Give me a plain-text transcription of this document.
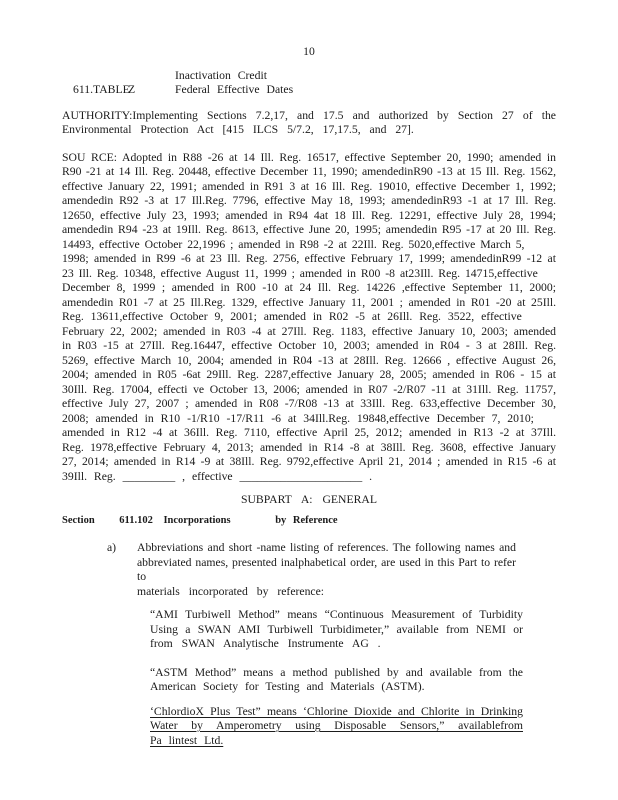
10
Inactivation Credit
611.TABLE
Z	Federal Effective Dates
AUTHORITY:Implementing Sections 7.2,17, and 17.5 and authorized by Section 27 of the
Environmental Protection Act [415 ILCS 5/7.2, 17,17.5, and 27].
SOU RCE: Adopted in R88 -26 at 14 Ill. Reg. 16517, effective September 20, 1990; amended in
R90 -21 at 14 Ill. Reg. 20448, effective December 11, 1990; amendedinR90 -13 at 15 Ill. Reg. 1562,
effective January 22, 1991; amended in R91 3 at 16 Ill. Reg. 19010, effective December 1, 1992;
amendedin R92 -3 at 17 Ill.Reg. 7796, effective May 18, 1993; amendedinR93 -1 at 17 Ill. Reg.
12650, effective July 23, 1993; amended in R94 4at 18 Ill. Reg. 12291, effective July 28, 1994;
amendedin R94 -23 at 19Ill. Reg. 8613, effective June 20, 1995; amendedin R95 -17 at 20 Ill. Reg.
14493, effective October 22,1996 ; amended in R98 -2 at 22Ill. Reg. 5020,effective March 5,
1998; amended in R99 -6 at 23 Ill. Reg. 2756, effective February 17, 1999; amendedinR99 -12 at
23 Ill. Reg. 10348, effective August 11, 1999 ; amended in R00 -8 at23Ill. Reg. 14715,effective
December 8, 1999 ; amended in R00 -10 at 24 Ill. Reg. 14226 ,effective September 11, 2000;
amendedin R01 -7 at 25 Ill.Reg. 1329, effective January 11, 2001 ; amended in R01 -20 at 25Ill.
Reg. 13611,effective October 9, 2001; amended in R02 -5 at 26Ill. Reg. 3522, effective
February 22, 2002; amended in R03 -4 at 27Ill. Reg. 1183, effective January 10, 2003; amended
in R03 -15 at 27Ill. Reg.16447, effective October 10, 2003; amended in R04 - 3 at 28Ill. Reg.
5269, effective March 10, 2004; amended in R04 -13 at 28Ill. Reg. 12666 , effective August 26,
2004; amended in R05 -6at 29Ill. Reg. 2287,effective January 28, 2005; amended in R06 - 15 at
30Ill. Reg. 17004, effecti ve October 13, 2006; amended in R07 -2/R07 -11 at 31Ill. Reg. 11757,
effective July 27, 2007 ; amended in R08 -7/R08 -13 at 33Ill. Reg. 633,effective December 30,
2008; amended in R10 -1/R10 -17/R11 -6 at 34Ill.Reg. 19848,effective December 7, 2010;
amended in R12 -4 at 36Ill. Reg. 7110, effective April 25, 2012; amended in R13 -2 at 37Ill.
Reg. 1978,effective February 4, 2013; amended in R14 -8 at 38Ill. Reg. 3608, effective January
27, 2014; amended in R14 -9 at 38Ill. Reg. 9792,effective April 21, 2014 ; amended in R15 -6 at
39Ill. Reg. _________ , effective _____________________ .
SUBPART A: GENERAL
Section 611.102 Incorporations	by Reference
a) Abbreviations and short -name listing of references. The following names and
abbreviated names, presented inalphabetical order, are used in this Part to refer to
materials incorporated by reference:
“AMI Turbiwell Method” means “Continuous Measurement of Turbidity
Using a SWAN AMI Turbiwell Turbidimeter,” available from NEMI or
from SWAN Analytische Instrumente AG .
“ASTM Method” means a method published by and available from the
American Society for Testing and Materials (ASTM).
‘ChlordioX Plus Test” means ‘Chlorine Dioxide and Chlorite in Drinking
Water by Amperometry using Disposable Sensors,” availablefrom
Pa lintest Ltd.
